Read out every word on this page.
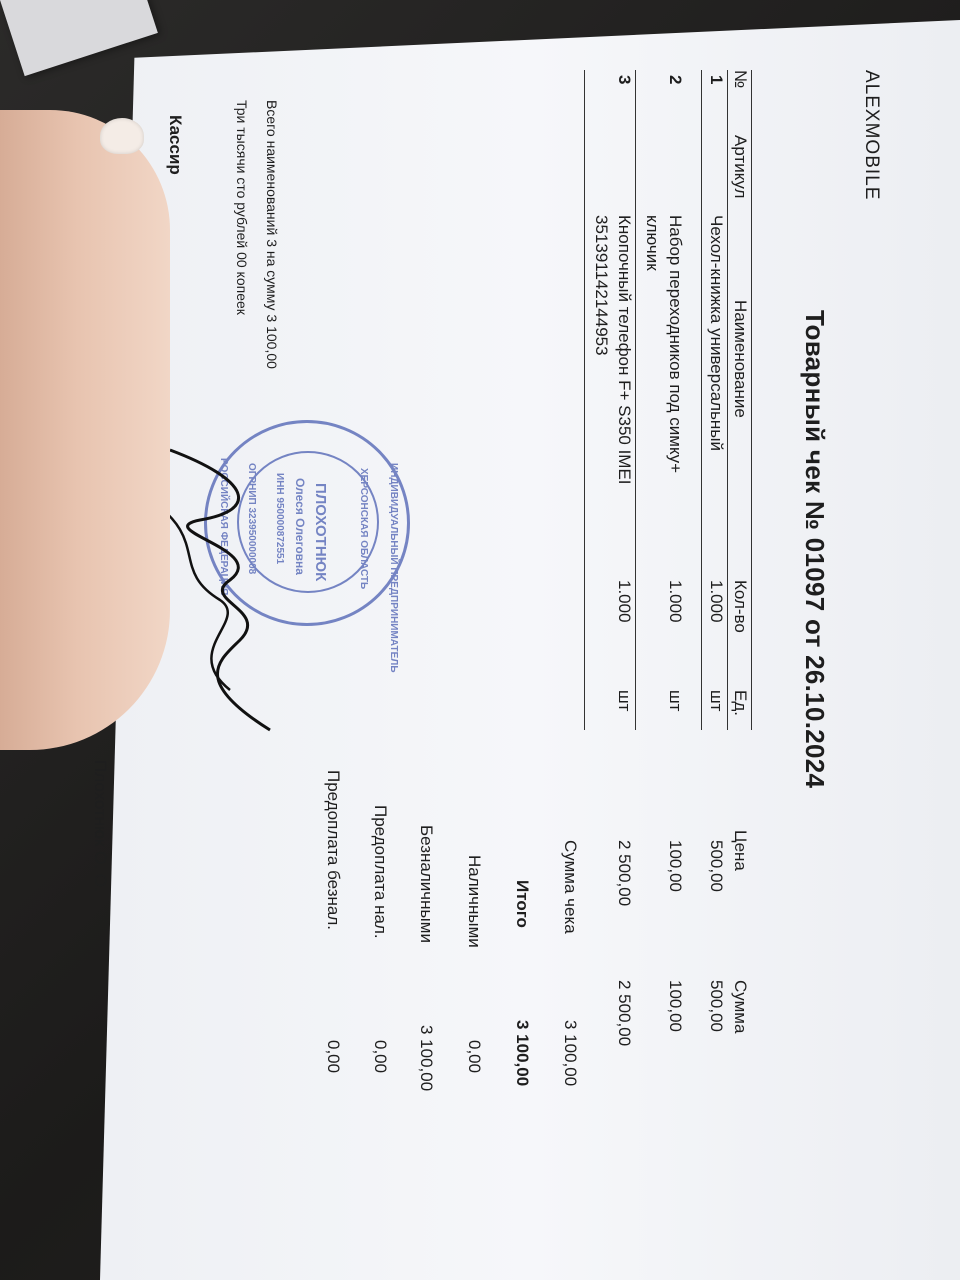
ALEXMOBILE
Товарный чек № 01097 от 26.10.2024
№
Артикул
Наименование
Кол-во
Ед.
Цена
Сумма
1
Чехол-книжка универсальный
1.000
шт
500,00
500,00
2
Набор переходников под симку+
ключик
1.000
шт
100,00
100,00
3
Кнопочный телефон F+ S350 IMEI
351391142144953
1.000
шт
2 500,00
2 500,00
Сумма чека
3 100,00
Итого
3 100,00
Наличными
0,00
Безналичными
3 100,00
Предоплата нал.
0,00
Предоплата безнал.
0,00
Всего наименований 3 на сумму 3 100,00
Три тысячи сто рублей 00 копеек
Кассир
Плохотнюк О. О.
ИНДИВИДУАЛЬНЫЙ ПРЕДПРИНИМАТЕЛЬ
ХЕРСОНСКАЯ ОБЛАСТЬ
ПЛОХОТНЮК
Олеся Олеговна
ИНН 950000872551
ОГРНИП 323950000008
РОССИЙСКАЯ ФЕДЕРАЦИЯ
